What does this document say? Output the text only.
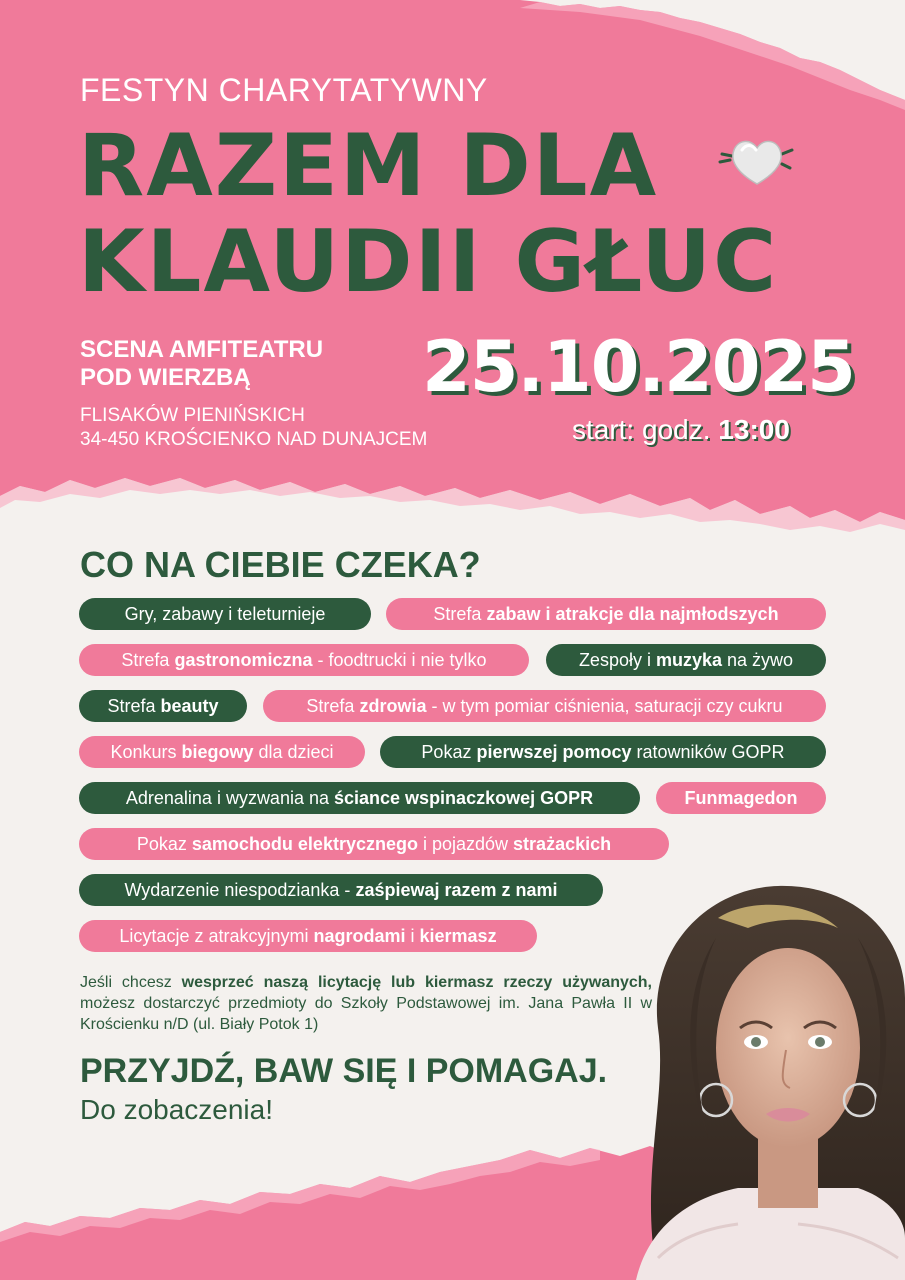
FESTYN CHARYTATYWNY
RAZEM DLA
KLAUDII GŁUC
SCENA AMFITEATRU
POD WIERZBĄ
FLISAKÓW PIENIŃSKICH
34-450 KROŚCIENKO NAD DUNAJCEM
25.10.2025
start: godz. 13:00
CO NA CIEBIE CZEKA?
Gry, zabawy i teleturnieje	Strefa zabaw i atrakcje dla najmłodszych
Strefa gastronomiczna - foodtrucki i nie tylko	Zespoły i muzyka na żywo
Strefa beauty	Strefa zdrowia - w tym pomiar ciśnienia, saturacji czy cukru
Konkurs biegowy dla dzieci	Pokaz pierwszej pomocy ratowników GOPR
Adrenalina i wyzwania na ściance wspinaczkowej GOPR	Funmagedon
Pokaz samochodu elektrycznego i pojazdów strażackich
Wydarzenie niespodzianka - zaśpiewaj razem z nami
Licytacje z atrakcyjnymi nagrodami i kiermasz
Jeśli chcesz wesprzeć naszą licytację lub kiermasz rzeczy używanych, możesz dostarczyć przedmioty do Szkoły Podstawowej im. Jana Pawła II w Krościenku n/D (ul. Biały Potok 1)
PRZYJDŹ, BAW SIĘ I POMAGAJ.
Do zobaczenia!
